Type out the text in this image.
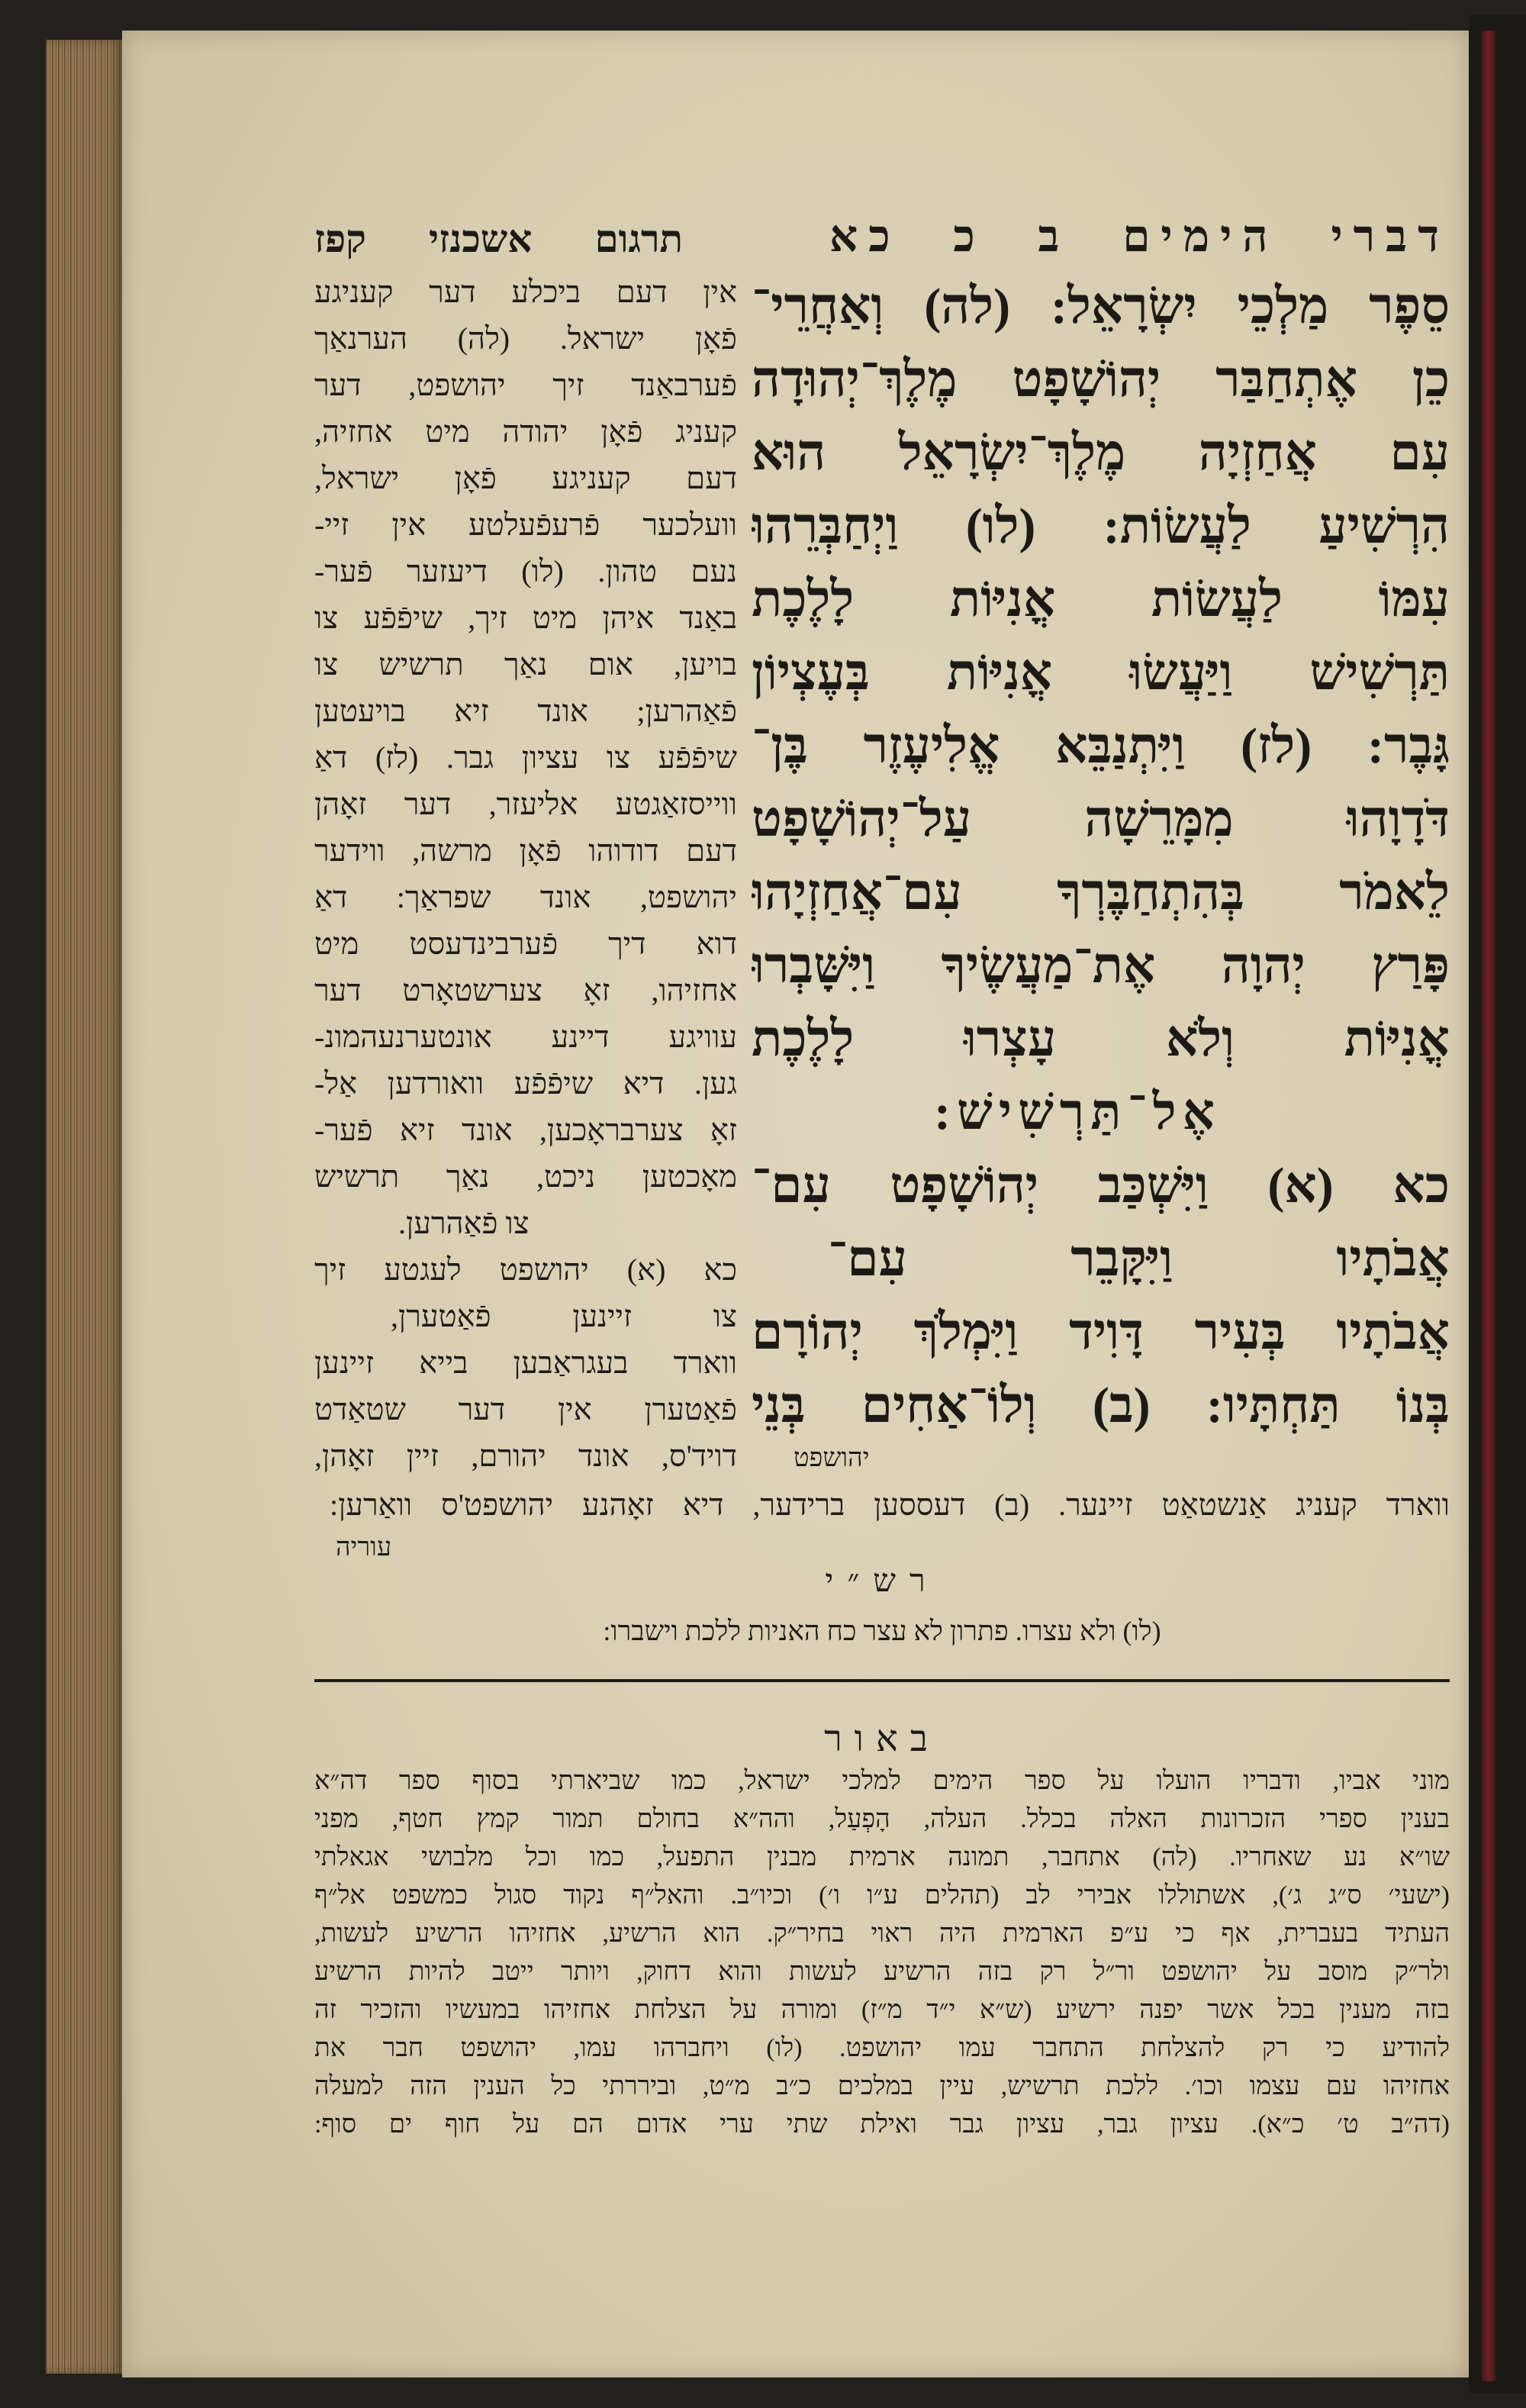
דברי הימים ב כ כא
תרגום אשכנזי קפז
סֵפֶר מַלְכֵי יִשְׂרָאֵל: (לה) וְאַחֲרֵי־
כֵן אֶתְחַבַּר יְהוֹשָׁפָט מֶלֶךְ־יְהוּדָה
עִם אֲחַזְיָה מֶלֶךְ־יִשְׂרָאֵל הוּא
הִרְשִׁיעַ לַעֲשׂוֹת: (לו) וַיְחַבְּרֵהוּ
עִמּוֹ לַעֲשׂוֹת אֳנִיּוֹת לָלֶכֶת
תַּרְשִׁישׁ וַיַּעֲשׂוּ אֳנִיּוֹת בְּעֶצְיוֹן
גָּבֶר: (לז) וַיִּתְנַבֵּא אֱלִיעֶזֶר בֶּן־
דֹּדָוָהוּ מִמָּרֵשָׁה עַל־יְהוֹשָׁפָט
לֵאמֹר בְּהִתְחַבֶּרְךָ עִם־אֲחַזְיָהוּ
פָּרַץ יְהוָה אֶת־מַעֲשֶׂיךָ וַיִּשָּׁבְרוּ
אֳנִיּוֹת וְלֹא עָצְרוּ לָלֶכֶת
אֶל־תַּרְשִׁישׁ:
כא (א) וַיִּשְׁכַּב יְהוֹשָׁפָט עִם־
אֲבֹתָיו וַיִּקָּבֵר עִם־
אֲבֹתָיו בְּעִיר דָּוִיד וַיִּמְלֹךְ יְהוֹרָם
בְּנוֹ תַּחְתָּיו: (ב) וְלוֹ־אַחִים בְּנֵי
יהושפט
אין דעם ביכלע דער קעניגע
פֿאָן ישראל. (לה) הערנאַך
פֿערבאַנד זיך יהושפט, דער
קעניג פֿאָן יהודה מיט אחזיה,
דעם קעניגע פֿאָן ישראל,
וועלכער פֿרעפֿעלטע אין זיי-
נעם טהון. (לו) דיעזער פֿער-
באַנד איהן מיט זיך, שיפֿפֿע צו
בויען, אום נאַך תרשיש צו
פֿאַהרען; אונד זיא בויעטען
שיפֿפֿע צו עציון גבר. (לז) דאַ
ווייסזאַגטע אליעזר, דער זאָהן
דעם דודוהו פֿאָן מרשה, ווידער
יהושפט, אונד שפראַך: דאַ
דוא דיך פֿערבינדעסט מיט
אחזיהו, זאָ צערשטאָרט דער
עוויגע דיינע אונטערנעהמונ-
גען. דיא שיפֿפֿע וואורדען אַל-
זאָ צערבראָכען, אונד זיא פֿער-
מאָכטען ניכט, נאַך תרשיש
צו פֿאַהרען.
כא (א) יהושפט לעגטע זיך
צו זיינען פֿאַטערן,
ווארד בעגראַבען בייא זיינען
פֿאַטערן אין דער שטאַדט
דויד'ס, אונד יהורם, זיין זאָהן,
ווארד קעניג אַנשטאַט זיינער. (ב) דעססען ברידער, דיא זאָהנע יהושפט'ס וואַרען:
עוריה
רש״י
(לו) ולא עצרו. פתרון לא עצר כח האניות ללכת וישברו:
באור
מוני אביו, ודבריו הועלו על ספר הימים למלכי ישראל, כמו שביארתי בסוף ספר דה״א
בענין ספרי הזכרונות האלה בכלל. העלה, הָפְעַל, והה״א בחולם תמור קמץ חטף, מפני
שו״א נע שאחריו. (לה) אתחבר, תמונה ארמית מבנין התפעל, כמו וכל מלבושי אגאלתי
(ישעי׳ ס״ג ג׳), אשתוללו אבירי לב (תהלים ע״ו ו׳) וכיו״ב. והאל״ף נקוד סגול כמשפט אל״ף
העתיד בעברית, אף כי ע״פ הארמית היה ראוי בחיר״ק. הוא הרשיע, אחזיהו הרשיע לעשות,
ולר״ק מוסב על יהושפט ור״ל רק בזה הרשיע לעשות והוא דחוק, ויותר ייטב להיות הרשיע
בזה מענין בכל אשר יפנה ירשיע (ש״א י״ד מ״ז) ומורה על הצלחת אחזיהו במעשיו והזכיר זה
להודיע כי רק להצלחת התחבר עמו יהושפט. (לו) ויחברהו עמו, יהושפט חבר את
אחזיהו עם עצמו וכו׳. ללכת תרשיש, עיין במלכים כ״ב מ״ט, וביררתי כל הענין הזה למעלה
(דה״ב ט׳ כ״א). עציון גבר, עציון גבר ואילת שתי ערי אדום הם על חוף ים סוף:
